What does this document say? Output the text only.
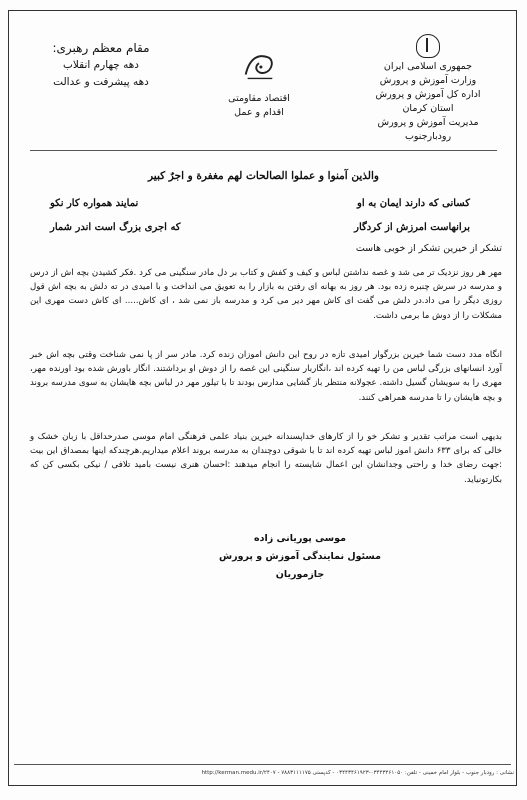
جمهوری اسلامی ایران
وزارت آموزش و پرورش
اداره کل آموزش و پرورش
استان کرمان
مدیریت آموزش و پرورش
رودبارجنوب
اقتصاد مقاومتی
اقدام و عمل
مقام معظم رهبری:
دهه چهارم انقلاب
دهه پیشرفت و عدالت
والذین آمنوا و عملوا الصالحات لهم مغفرة و اجرٌ کبیر
کسانی که دارند ایمان به او
نمایند همواره کار نکو
برانهاست امرزش از کردگار
که اجری بزرگ است اندر شمار
تشکر از خیرین تشکر از خوبی هاست
مهر هر روز نزدیک تر می شد و غصه نداشتن لباس و کیف و کفش و کتاب بر دل مادر سنگینی می کرد .فکر کشیدن بچه اش از درس و مدرسه در سرش چنبره زده بود. هر روز به بهانه ای رفتن به بازار را به تعویق می انداخت و با امیدی در ته دلش به بچه اش قول روزی دیگر را می داد.در دلش می گفت ای کاش مهر دیر می کرد و مدرسه باز نمی شد ، ای کاش..... ای کاش دست مهری این مشکلات را از دوش ما برمی داشت.
انگاه مدد دست شما خیرین بزرگوار امیدی تازه در روح این دانش اموزان زنده کرد. مادر سر از پا نمی شناخت وقتی بچه اش خبر آورد انسانهای بزرگی لباس من را تهیه کرده اند ،انگاربار سنگینی این غصه را از دوش او برداشتند. انگار باورش شده بود اورنده مهر، مهری را به سویشان گسیل داشته. عجولانه منتظر باز گشایی مدارس بودند تا با تیلور مهر در لباس بچه هایشان به سوی مدرسه بروند و بچه هایشان را تا مدرسه همراهی کنند.
بدیهی است مراتب تقدیر و تشکر خو را از کارهای خداپسندانه خیرین بنیاد علمی فرهنگی امام موسی صدرحداقل با زبان خشک و خالی که برای ۶۳۳ دانش اموز لباس تهیه کرده اند تا با شوقی دوچندان به مدرسه بروند اعلام میداریم.هرچندکه اینها بمصداق این بیت :جهت رضای خدا و راحتی وجدانشان این اعمال شایسته را انجام میدهند :احسان هنری نیست بامید تلافی / نیکی بکسی کن که بکارتونیاید.
موسی پوریانی زاده
مسئول نمایندگی آموزش و پرورش
جازموریان
نشانی : رودبار جنوب - بلوار امام خمینی - تلفن: ۰۳۴۴۳۴۶۱۰۵۰-۰۳۴۴۳۴۶۱۹۲۳ - کدپستی ۷۸۸۳۱۱۱۱۷۵ - http://kerman.medu.ir/۲۴۰۷
